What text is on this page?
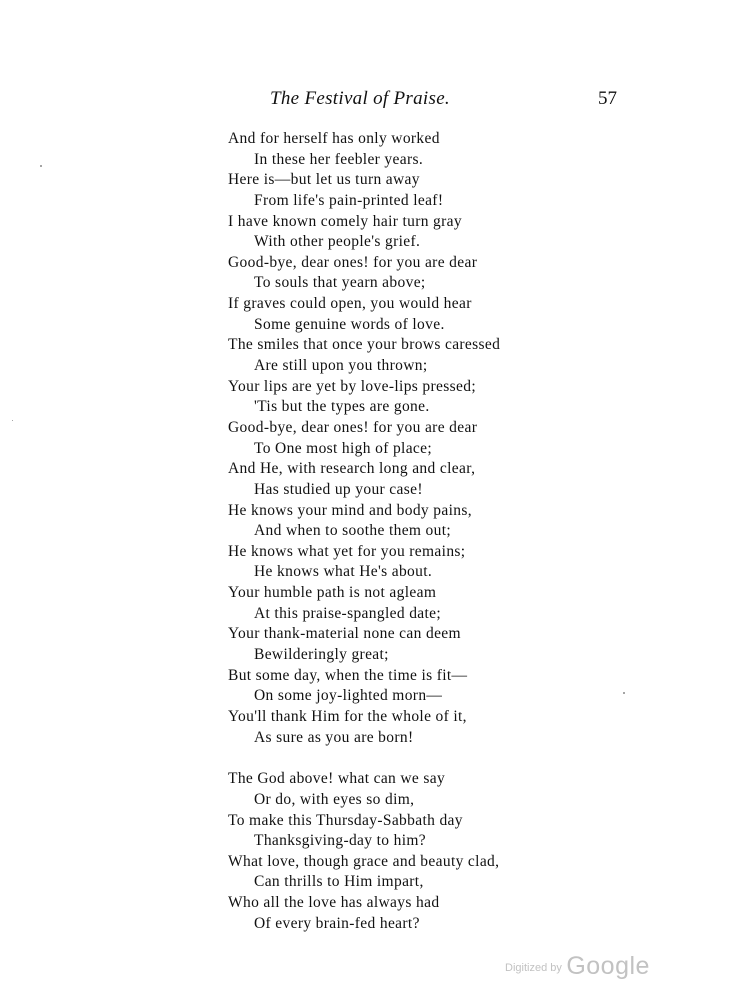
The Festival of Praise.	57
And for herself has only worked
In these her feebler years.
Here is—but let us turn away
From life's pain-printed leaf!
I have known comely hair turn gray
With other people's grief.
Good-bye, dear ones! for you are dear
To souls that yearn above;
If graves could open, you would hear
Some genuine words of love.
The smiles that once your brows caressed
Are still upon you thrown;
Your lips are yet by love-lips pressed;
'Tis but the types are gone.
Good-bye, dear ones! for you are dear
To One most high of place;
And He, with research long and clear,
Has studied up your case!
He knows your mind and body pains,
And when to soothe them out;
He knows what yet for you remains;
He knows what He's about.
Your humble path is not agleam
At this praise-spangled date;
Your thank-material none can deem
Bewilderingly great;
But some day, when the time is fit—
On some joy-lighted morn—
You'll thank Him for the whole of it,
As sure as you are born!
The God above! what can we say
Or do, with eyes so dim,
To make this Thursday-Sabbath day
Thanksgiving-day to him?
What love, though grace and beauty clad,
Can thrills to Him impart,
Who all the love has always had
Of every brain-fed heart?
Digitized by Google
